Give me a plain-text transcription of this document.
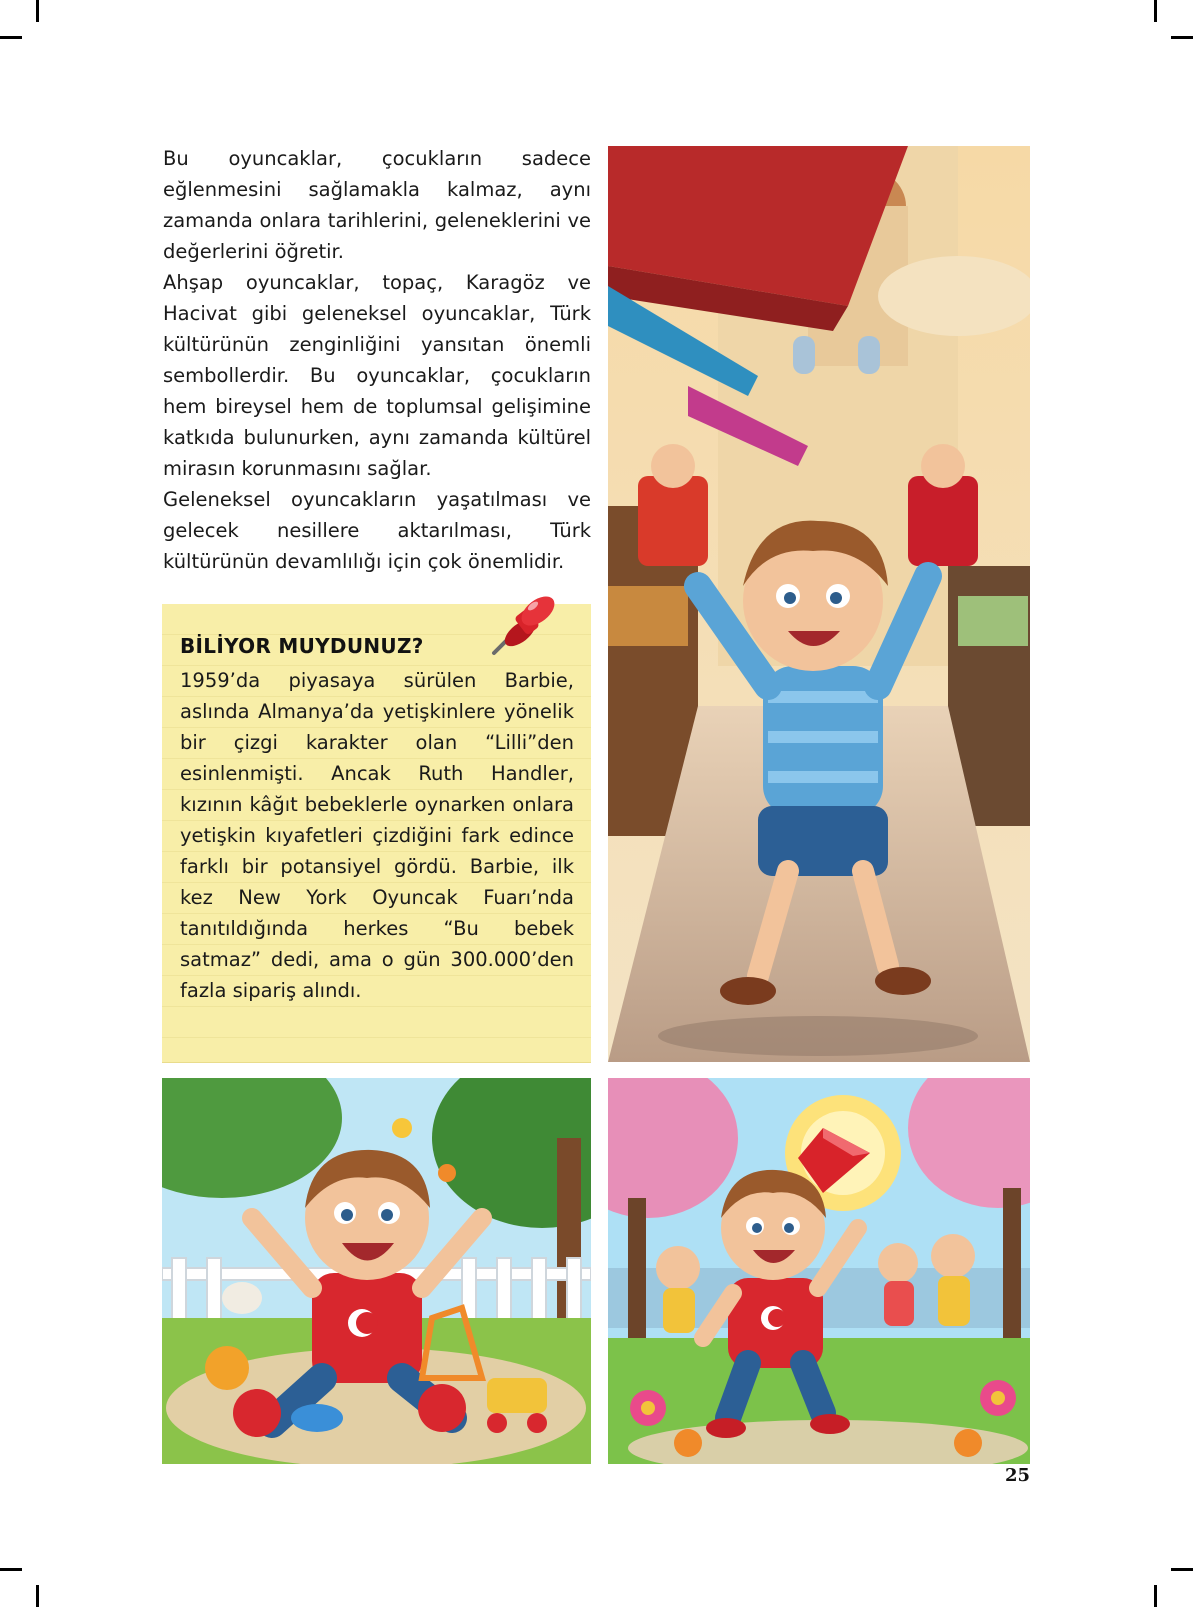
Bu oyuncaklar, çocukların sadece eğlenmesini sağlamakla kalmaz, aynı zamanda onlara tarihlerini, geleneklerini ve değerlerini öğretir.

Ahşap oyuncaklar, topaç, Karagöz ve Hacivat gibi geleneksel oyuncaklar, Türk kültürünün zenginliğini yansıtan önemli sembollerdir. Bu oyuncaklar, çocukların hem bireysel hem de toplumsal gelişimine katkıda bulunurken, aynı zamanda kültürel mirasın korunmasını sağlar.

Geleneksel oyuncakların yaşatılması ve gelecek nesillere aktarılması, Türk kültürünün devamlılığı için çok önemlidir.

BİLİYOR MUYDUNUZ?

1959’da piyasaya sürülen Barbie, aslında Almanya’da yetişkinlere yönelik bir çizgi karakter olan “Lilli”den esinlenmişti. Ancak Ruth Handler, kızının kâğıt bebeklerle oynarken onlara yetişkin kıyafetleri çizdiğini fark edince farklı bir potansiyel gördü. Barbie, ilk kez New York Oyuncak Fuarı’nda tanıtıldığında herkes “Bu bebek satmaz” dedi, ama o gün 300.000’den fazla sipariş alındı.

25
